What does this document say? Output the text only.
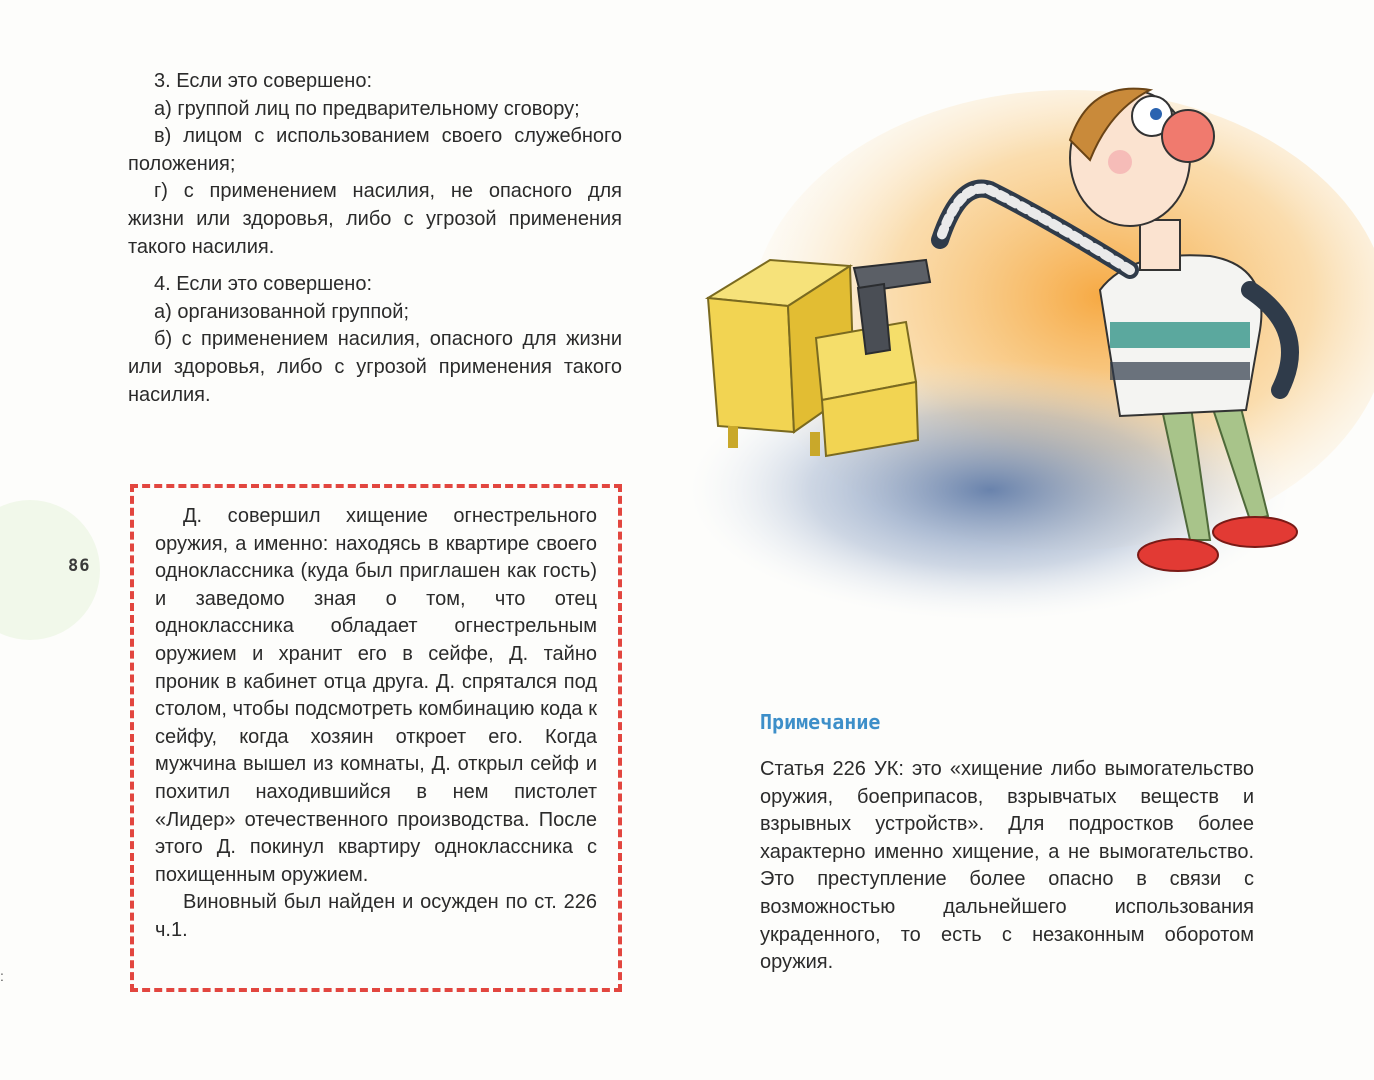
86

3. Если это совершено:

а) группой лиц по предварительному сговору;

в) лицом с использованием своего служебного положения;

г) с применением насилия, не опасного для жизни или здоровья, либо с угрозой применения такого насилия.

4. Если это совершено:

а) организованной группой;

б) с применением насилия, опасного для жизни или здоровья, либо с угрозой применения такого насилия.

Д. совершил хищение огнестрельного оружия, а именно: находясь в квартире своего одноклассника (куда был приглашен как гость) и заведомо зная о том, что отец одноклассника обладает огнестрельным оружием и хранит его в сейфе, Д. тайно проник в кабинет отца друга. Д. спрятался под столом, чтобы подсмотреть комбинацию кода к сейфу, когда хозяин откроет его. Когда мужчина вышел из комнаты, Д. открыл сейф и похитил находившийся в нем пистолет «Лидер» отечественного производства. После этого Д. покинул квартиру одноклассника с похищенным оружием.

Виновный был найден и осужден по ст. 226 ч.1.

Примечание

Статья 226 УК: это «хищение либо вымогательство оружия, боеприпасов, взрывчатых веществ и взрывных устройств». Для подростков более характерно именно хищение, а не вымогательство. Это преступление более опасно в связи с возможностью дальнейшего использования украденного, то есть с незаконным оборотом оружия.

:
